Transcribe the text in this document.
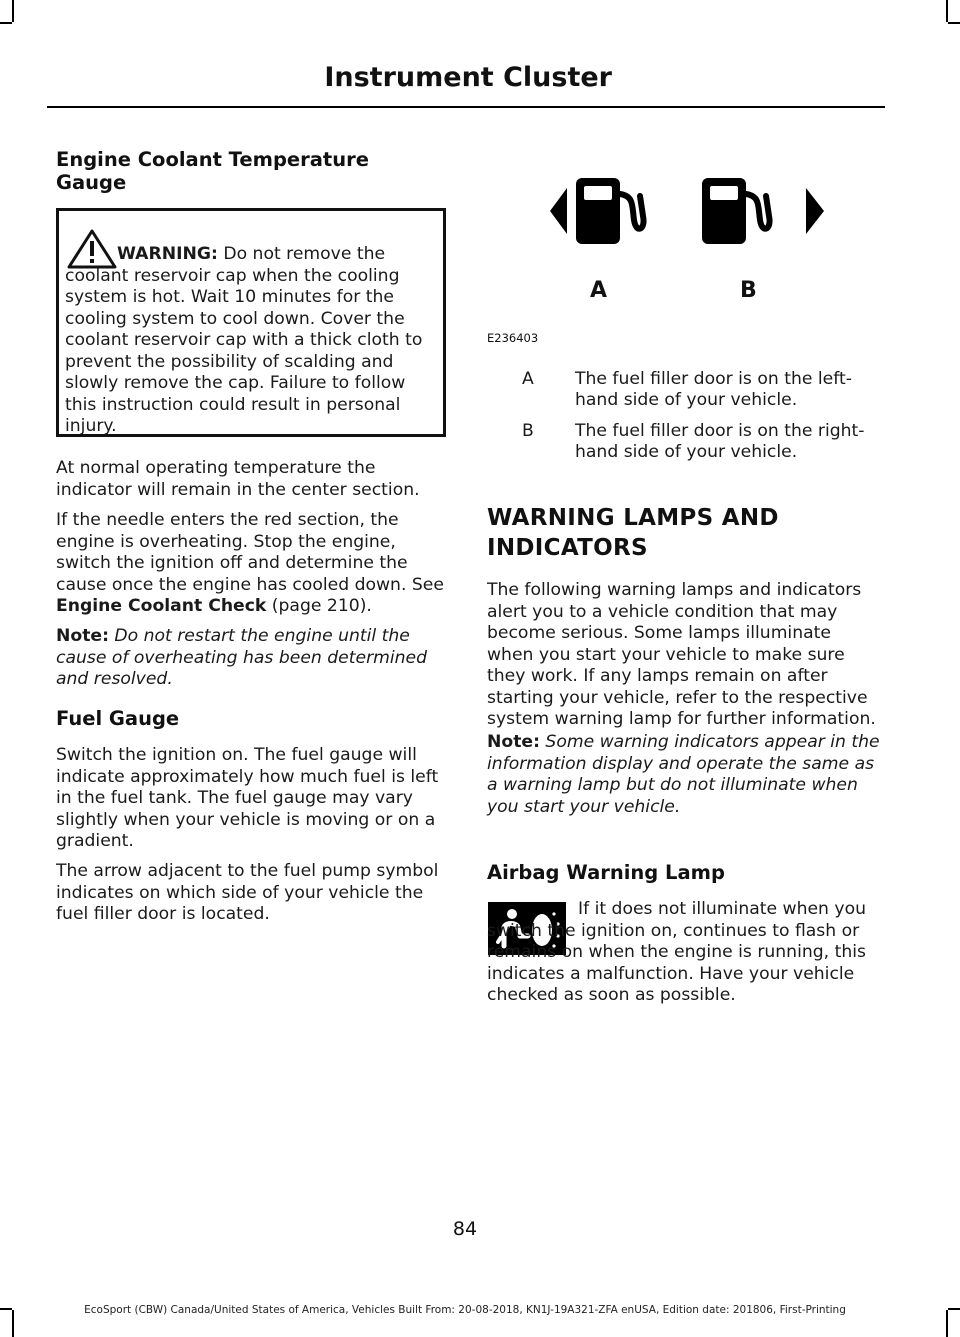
Instrument Cluster
Engine Coolant Temperature Gauge
WARNING: Do not remove the coolant reservoir cap when the cooling system is hot. Wait 10 minutes for the cooling system to cool down. Cover the coolant reservoir cap with a thick cloth to prevent the possibility of scalding and slowly remove the cap. Failure to follow this instruction could result in personal injury.

At normal operating temperature the indicator will remain in the center section.

If the needle enters the red section, the engine is overheating. Stop the engine, switch the ignition off and determine the cause once the engine has cooled down. See Engine Coolant Check (page 210).

Note: Do not restart the engine until the cause of overheating has been determined and resolved.

Fuel Gauge

Switch the ignition on. The fuel gauge will indicate approximately how much fuel is left in the fuel tank. The fuel gauge may vary slightly when your vehicle is moving or on a gradient.

The arrow adjacent to the fuel pump symbol indicates on which side of your vehicle the fuel filler door is located.

A	B
E236403
A The fuel filler door is on the left-hand side of your vehicle.
B The fuel filler door is on the right-hand side of your vehicle.
WARNING LAMPS AND
INDICATORS

The following warning lamps and indicators alert you to a vehicle condition that may become serious. Some lamps illuminate when you start your vehicle to make sure they work. If any lamps remain on after starting your vehicle, refer to the respective system warning lamp for further information.

Note: Some warning indicators appear in the information display and operate the same as a warning lamp but do not illuminate when you start your vehicle.

Airbag Warning Lamp

If it does not illuminate when you switch the ignition on, continues to flash or remains on when the engine is running, this indicates a malfunction. Have your vehicle checked as soon as possible.

84
EcoSport (CBW) Canada/United States of America, Vehicles Built From: 20-08-2018, KN1J-19A321-ZFA enUSA, Edition date: 201806, First-Printing
